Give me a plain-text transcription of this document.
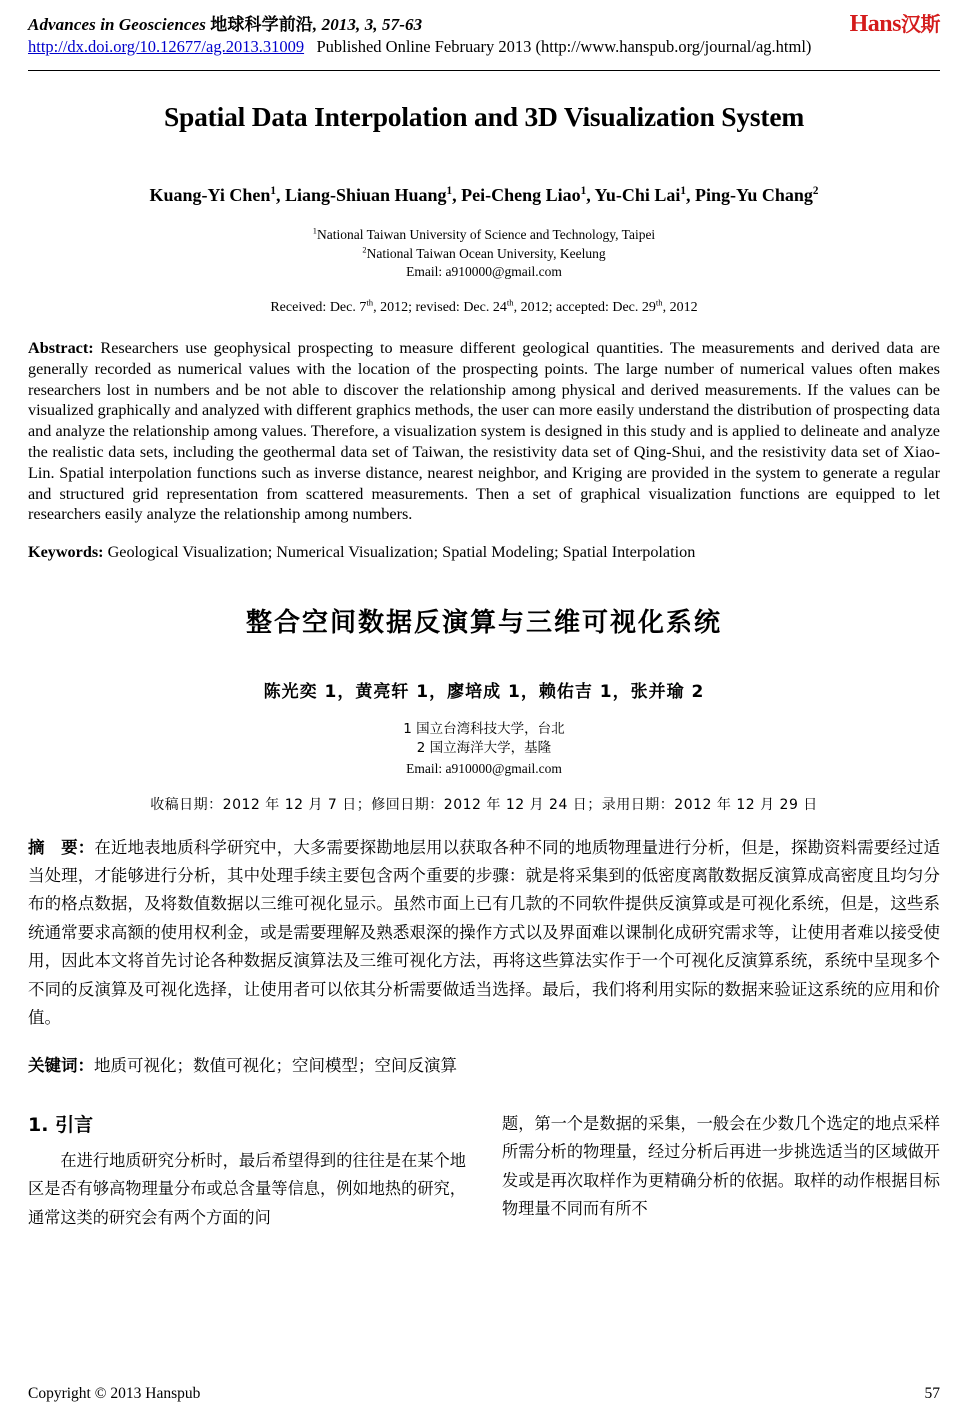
Advances in Geosciences 地球科学前沿, 2013, 3, 57-63
http://dx.doi.org/10.12677/ag.2013.31009 Published Online February 2013 (http://www.hanspub.org/journal/ag.html)
Hans汉斯
Spatial Data Interpolation and 3D Visualization System
Kuang-Yi Chen$^1$, Liang-Shiuan Huang$^1$, Pei-Cheng Liao$^1$, Yu-Chi Lai$^1$, Ping-Yu Chang$^2$
$^1$National Taiwan University of Science and Technology, Taipei
$^2$National Taiwan Ocean University, Keelung
Email: a910000@gmail.com
Received: Dec. 7th, 2012; revised: Dec. 24th, 2012; accepted: Dec. 29th, 2012
Abstract: Researchers use geophysical prospecting to measure different geological quantities. The measurements and derived data are generally recorded as numerical values with the location of the prospecting points. The large number of numerical values often makes researchers lost in numbers and be not able to discover the relationship among physical and derived measurements. If the values can be visualized graphically and analyzed with different graphics methods, the user can more easily understand the distribution of prospecting data and analyze the relationship among values. Therefore, a visualization system is designed in this study and is applied to delineate and analyze the realistic data sets, including the geothermal data set of Taiwan, the resistivity data set of Qing-Shui, and the resistivity data set of Xiao-Lin. Spatial interpolation functions such as inverse distance, nearest neighbor, and Kriging are provided in the system to generate a regular and structured grid representation from scattered measurements. Then a set of graphical visualization functions are equipped to let researchers easily analyze the relationship among numbers.
Keywords: Geological Visualization; Numerical Visualization; Spatial Modeling; Spatial Interpolation
整合空间数据反演算与三维可视化系统
陈光奕 1，黄亮轩 1，廖培成 1，赖佑吉 1，张并瑜 2
1 国立台湾科技大学，台北
2 国立海洋大学，基隆
Email: a910000@gmail.com
收稿日期：2012 年 12 月 7 日；修回日期：2012 年 12 月 24 日；录用日期：2012 年 12 月 29 日
摘　要：在近地表地质科学研究中，大多需要探勘地层用以获取各种不同的地质物理量进行分析，但是，探勘资料需要经过适当处理，才能够进行分析，其中处理手续主要包含两个重要的步骤：就是将采集到的低密度离散数据反演算成高密度且均匀分布的格点数据，及将数值数据以三维可视化显示。虽然市面上已有几款的不同软件提供反演算或是可视化系统，但是，这些系统通常要求高额的使用权利金，或是需要理解及熟悉艰深的操作方式以及界面难以课制化成研究需求等，让使用者难以接受使用，因此本文将首先讨论各种数据反演算法及三维可视化方法，再将这些算法实作于一个可视化反演算系统，系统中呈现多个不同的反演算及可视化选择，让使用者可以依其分析需要做适当选择。最后，我们将利用实际的数据来验证这系统的应用和价值。
关键词：地质可视化；数值可视化；空间模型；空间反演算
1. 引言
在进行地质研究分析时，最后希望得到的往往是在某个地区是否有够高物理量分布或总含量等信息，例如地热的研究，通常这类的研究会有两个方面的问
题，第一个是数据的采集，一般会在少数几个选定的地点采样所需分析的物理量，经过分析后再进一步挑选适当的区域做开发或是再次取样作为更精确分析的依据。取样的动作根据目标物理量不同而有所不
Copyright © 2013 Hanspub	57
